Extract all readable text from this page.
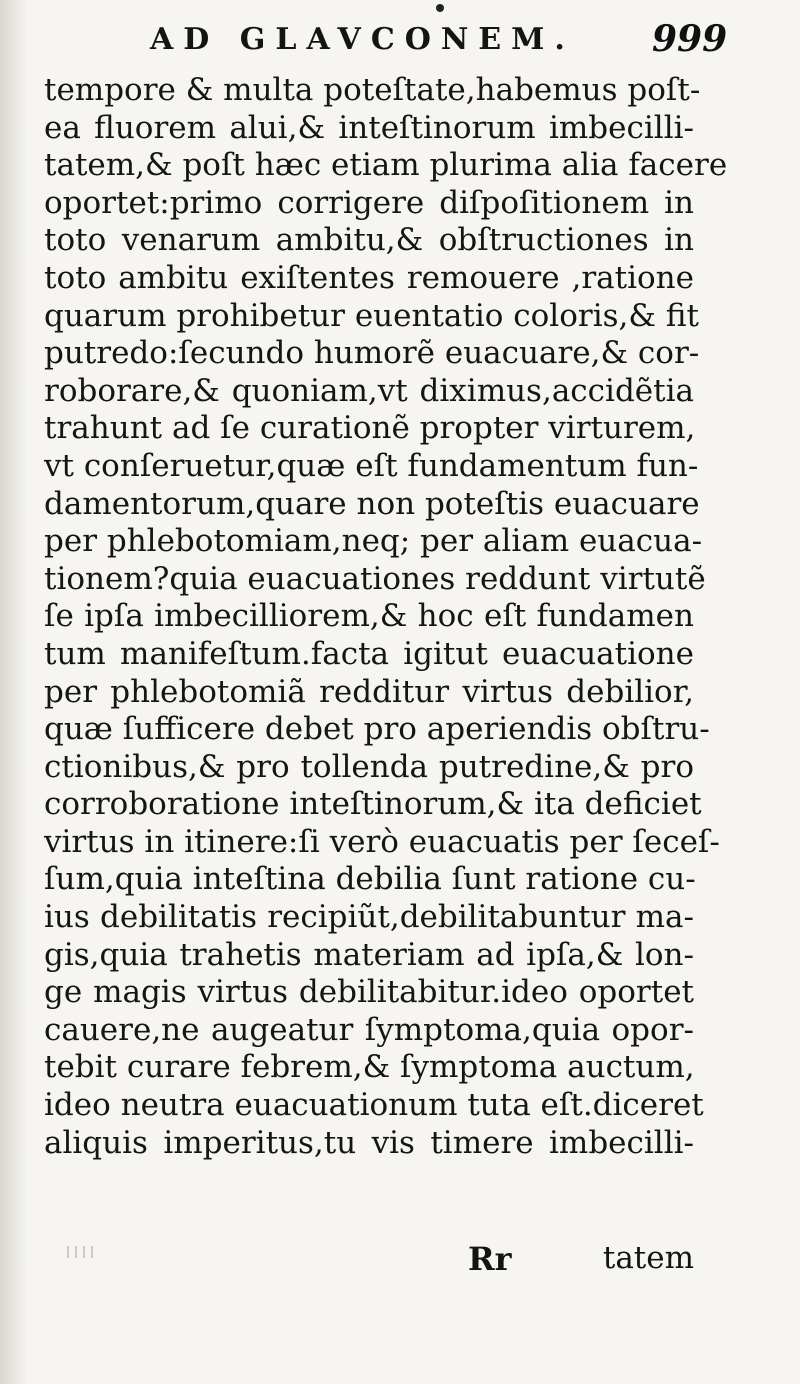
AD GLAVCONEM. 999
tempore & multa poteſtate,habemus poſt-
ea fluorem alui,& inteſtinorum imbecilli-
tatem,& poſt hæc etiam plurima alia facere
oportet:primo corrigere diſpoſitionem in
toto venarum ambitu,& obſtructiones in
toto ambitu exiſtentes remouere ,ratione
quarum prohibetur euentatio coloris,& fit
putredo:ſecundo humorẽ euacuare,& cor-
roborare,& quoniam,vt diximus,accidẽtia
trahunt ad ſe curationẽ propter virturem,
vt conſeruetur,quæ eſt fundamentum fun-
damentorum,quare non poteſtis euacuare
per phlebotomiam,neq; per aliam euacua-
tionem?quia euacuationes reddunt virtutẽ
ſe ipſa imbecilliorem,& hoc eſt fundamen
tum manifeſtum.facta igitut euacuatione
per phlebotomiã redditur virtus debilior,
quæ ſufficere debet pro aperiendis obſtru-
ctionibus,& pro tollenda putredine,& pro
corroboratione inteſtinorum,& ita deficiet
virtus in itinere:ſi verò euacuatis per ſeceſ-
ſum,quia inteſtina debilia ſunt ratione cu-
ius debilitatis recipiũt,debilitabuntur ma-
gis,quia trahetis materiam ad ipſa,& lon-
ge magis virtus debilitabitur.ideo oportet
cauere,ne augeatur ſymptoma,quia opor-
tebit curare febrem,& ſymptoma auctum,
ideo neutra euacuationum tuta eſt.diceret
aliquis imperitus,tu vis timere imbecilli-
Rr	tatem
